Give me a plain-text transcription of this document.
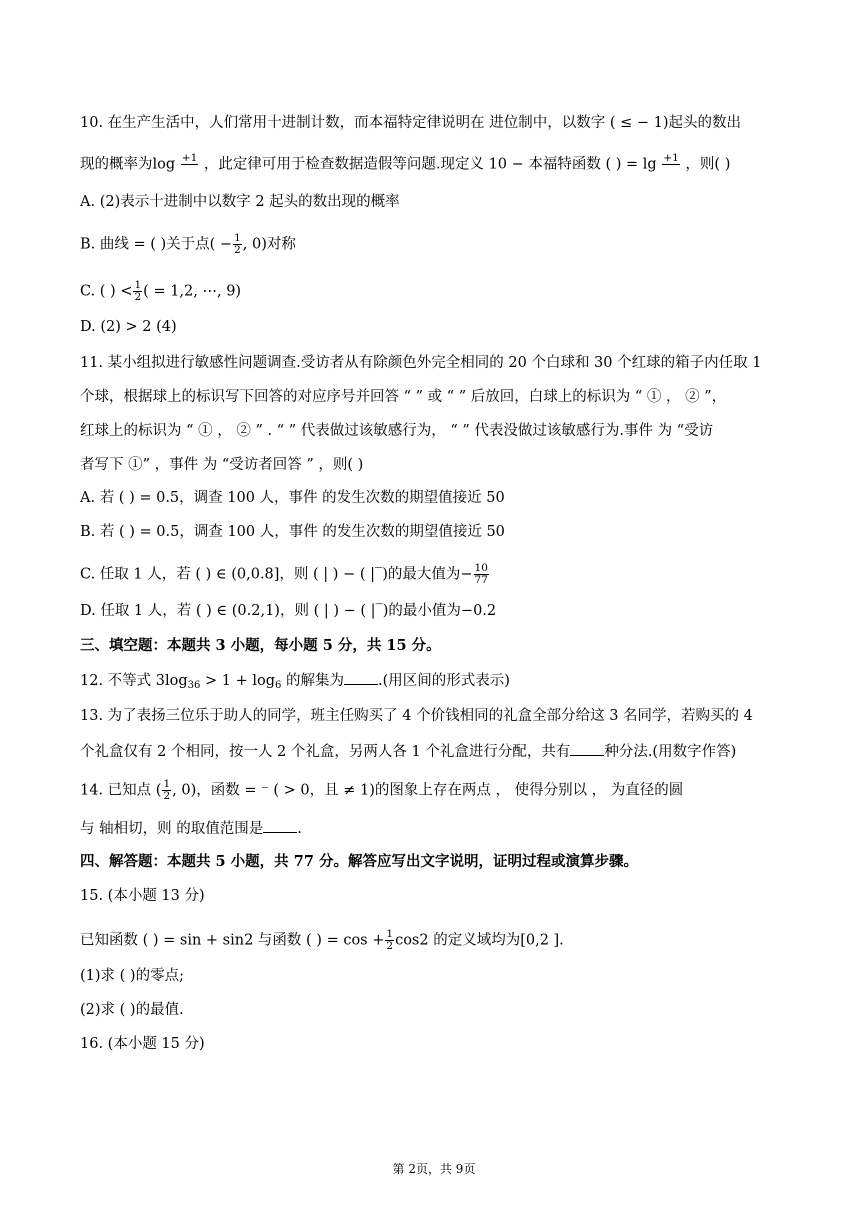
10. 在生产生活中，人们常用十进制计数，而本福特定律说明在 进位制中，以数字 ( ≤ − 1)起头的数出
现的概率为log +1
，此定律可用于检查数据造假等问题.现定义 10 − 本福特函数 ( ) = lg +1
，则( )
A. (2)表示十进制中以数字 2 起头的数出现的概率
B. 曲线 = ( )关于点( − $\frac{1}{2}$ , 0)对称
C. ( ) < $\frac{1}{2}$ ( = 1,2, ⋯, 9)
D. (2) > 2 (4)
11. 某小组拟进行敏感性问题调查.受访者从有除颜色外完全相同的 20 个白球和 30 个红球的箱子内任取 1
个球，根据球上的标识写下回答的对应序号并回答 “ ” 或 “ ” 后放回，白球上的标识为 “ ① ， ② ”，
红球上的标识为 “ ① ， ② ” . “ ” 代表做过该敏感行为， “ ” 代表没做过该敏感行为.事件 为 “受访
者写下 ①” ，事件 为 “受访者回答 ” ，则( )
A. 若 ( ) = 0.5，调查 100 人，事件 的发生次数的期望值接近 50
B. 若 ( ) = 0.5，调查 100 人，事件 的发生次数的期望值接近 50
C. 任取 1 人，若 ( ) ∈ (0,0.8]，则 ( | ) − ( |‾)的最大值为− $\frac{10}{77}$
D. 任取 1 人，若 ( ) ∈ (0.2,1)，则 ( | ) − ( |‾)的最小值为−0.2
三、填空题：本题共 3 小题，每小题 5 分，共 15 分。
12. 不等式 $3\log_{36} > 1 + \log_6$ 的解集为 .(用区间的形式表示)
13. 为了表扬三位乐于助人的同学，班主任购买了 4 个价钱相同的礼盒全部分给这 3 名同学，若购买的 4
个礼盒仅有 2 个相同，按一人 2 个礼盒，另两人各 1 个礼盒进行分配，共有 种分法.(用数字作答)
14. 已知点 ( $\frac{1}{2}$ , 0)，函数 = ⁻ ( > 0，且 ≠ 1)的图象上存在两点 ， 使得分别以 ， 为直径的圆
与 轴相切，则 的取值范围是 .
四、解答题：本题共 5 小题，共 77 分。解答应写出文字说明，证明过程或演算步骤。
15. (本小题 13 分)
已知函数 ( ) = sin + sin2 与函数 ( ) = $\cos + \frac{1}{2} \cos 2$ 的定义域均为[0,2 ].
(1)求 ( )的零点;
(2)求 ( )的最值.
16. (本小题 15 分)
第 2页，共 9页
